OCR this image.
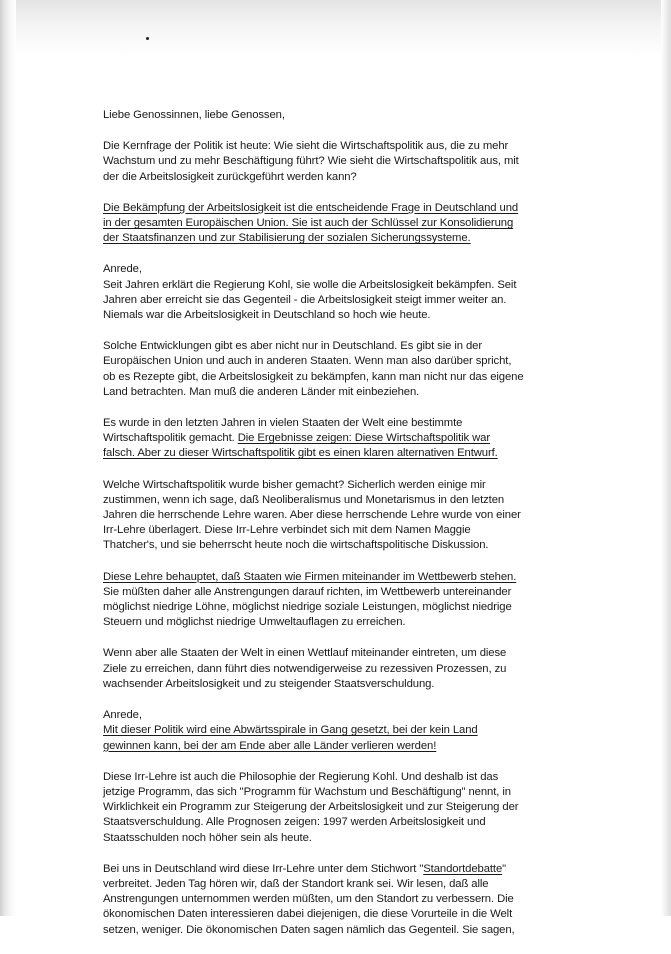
Liebe Genossinnen, liebe Genossen,

Die Kernfrage der Politik ist heute: Wie sieht die Wirtschaftspolitik aus, die zu mehr
Wachstum und zu mehr Beschäftigung führt? Wie sieht die Wirtschaftspolitik aus, mit
der die Arbeitslosigkeit zurückgeführt werden kann?

Die Bekämpfung der Arbeitslosigkeit ist die entscheidende Frage in Deutschland und
in der gesamten Europäischen Union. Sie ist auch der Schlüssel zur Konsolidierung
der Staatsfinanzen und zur Stabilisierung der sozialen Sicherungssysteme.

Anrede,
Seit Jahren erklärt die Regierung Kohl, sie wolle die Arbeitslosigkeit bekämpfen. Seit
Jahren aber erreicht sie das Gegenteil - die Arbeitslosigkeit steigt immer weiter an.
Niemals war die Arbeitslosigkeit in Deutschland so hoch wie heute.

Solche Entwicklungen gibt es aber nicht nur in Deutschland. Es gibt sie in der
Europäischen Union und auch in anderen Staaten. Wenn man also darüber spricht,
ob es Rezepte gibt, die Arbeitslosigkeit zu bekämpfen, kann man nicht nur das eigene
Land betrachten. Man muß die anderen Länder mit einbeziehen.

Es wurde in den letzten Jahren in vielen Staaten der Welt eine bestimmte
Wirtschaftspolitik gemacht. Die Ergebnisse zeigen: Diese Wirtschaftspolitik war
falsch. Aber zu dieser Wirtschaftspolitik gibt es einen klaren alternativen Entwurf.

Welche Wirtschaftspolitik wurde bisher gemacht? Sicherlich werden einige mir
zustimmen, wenn ich sage, daß Neoliberalismus und Monetarismus in den letzten
Jahren die herrschende Lehre waren. Aber diese herrschende Lehre wurde von einer
Irr-Lehre überlagert. Diese Irr-Lehre verbindet sich mit dem Namen Maggie
Thatcher's, und sie beherrscht heute noch die wirtschaftspolitische Diskussion.

Diese Lehre behauptet, daß Staaten wie Firmen miteinander im Wettbewerb stehen.
Sie müßten daher alle Anstrengungen darauf richten, im Wettbewerb untereinander
möglichst niedrige Löhne, möglichst niedrige soziale Leistungen, möglichst niedrige
Steuern und möglichst niedrige Umweltauflagen zu erreichen.

Wenn aber alle Staaten der Welt in einen Wettlauf miteinander eintreten, um diese
Ziele zu erreichen, dann führt dies notwendigerweise zu rezessiven Prozessen, zu
wachsender Arbeitslosigkeit und zu steigender Staatsverschuldung.

Anrede,
Mit dieser Politik wird eine Abwärtsspirale in Gang gesetzt, bei der kein Land
gewinnen kann, bei der am Ende aber alle Länder verlieren werden!

Diese Irr-Lehre ist auch die Philosophie der Regierung Kohl. Und deshalb ist das
jetzige Programm, das sich "Programm für Wachstum und Beschäftigung" nennt, in
Wirklichkeit ein Programm zur Steigerung der Arbeitslosigkeit und zur Steigerung der
Staatsverschuldung. Alle Prognosen zeigen: 1997 werden Arbeitslosigkeit und
Staatsschulden noch höher sein als heute.

Bei uns in Deutschland wird diese Irr-Lehre unter dem Stichwort "Standortdebatte"
verbreitet. Jeden Tag hören wir, daß der Standort krank sei. Wir lesen, daß alle
Anstrengungen unternommen werden müßten, um den Standort zu verbessern. Die
ökonomischen Daten interessieren dabei diejenigen, die diese Vorurteile in die Welt
setzen, weniger. Die ökonomischen Daten sagen nämlich das Gegenteil. Sie sagen,
